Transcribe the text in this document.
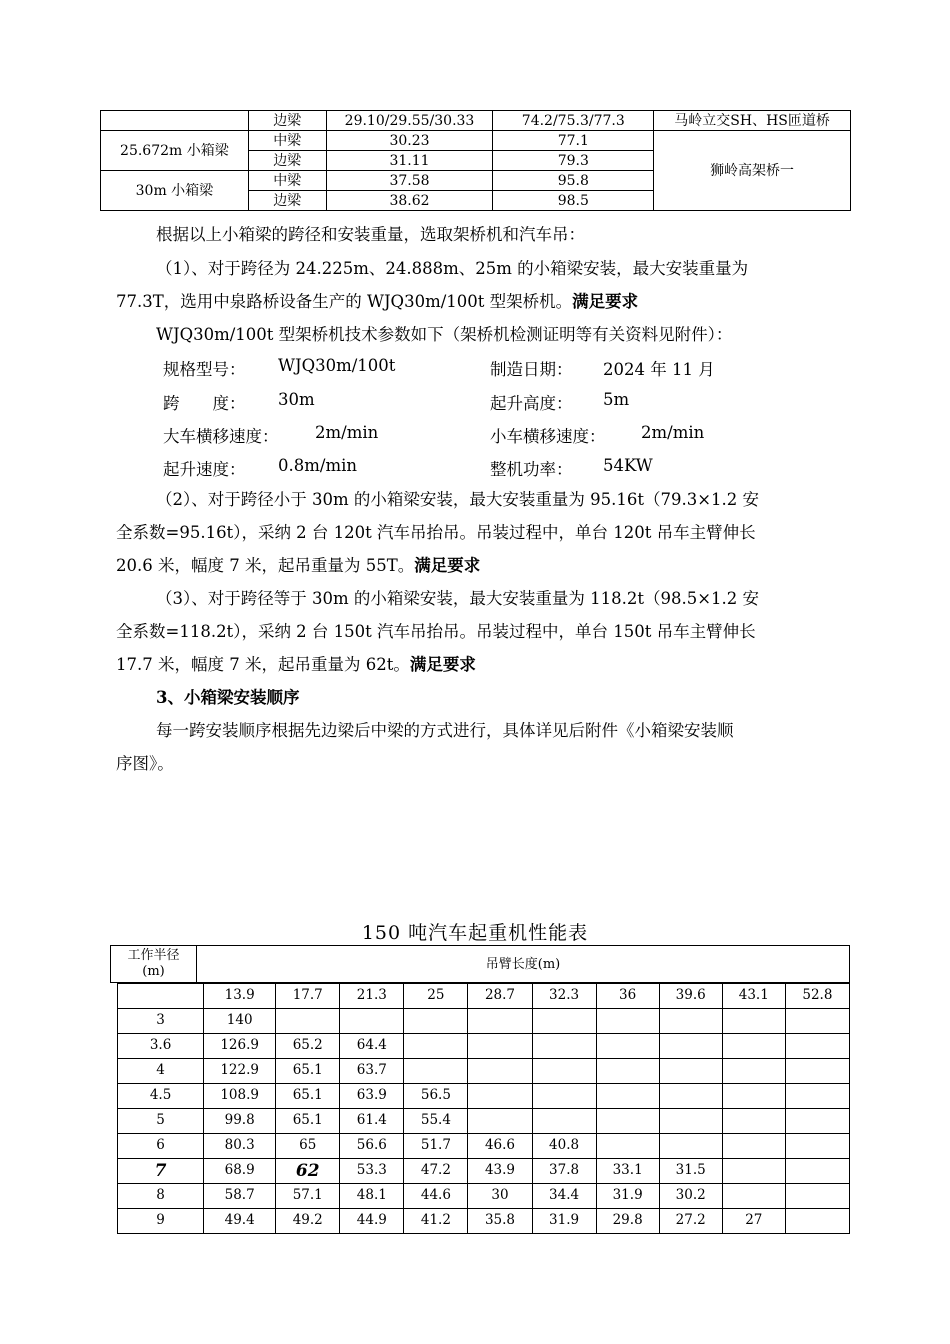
	边梁	29.10/29.55/30.33	74.2/75.3/77.3	马岭立交SH、HS匝道桥
25.672m 小箱梁	中梁	30.23	77.1	狮岭高架桥一
	边梁	31.11	79.3	
30m 小箱梁	中梁	37.58	95.8	
	边梁	38.62	98.5	

根据以上小箱梁的跨径和安装重量，选取架桥机和汽车吊：

（1）、对于跨径为 24.225m、24.888m、25m 的小箱梁安装，最大安装重量为
77.3T，选用中泉路桥设备生产的 WJQ30m/100t 型架桥机。满足要求

WJQ30m/100t 型架桥机技术参数如下（架桥机检测证明等有关资料见附件）：

规格型号： WJQ30m/100t	制造日期： 2024 年 11 月
跨　　度： 30m	起升高度： 5m
大车横移速度： 2m/min	小车横移速度： 2m/min
起升速度： 0.8m/min	整机功率： 54KW
（2）、对于跨径小于 30m 的小箱梁安装，最大安装重量为 95.16t（79.3×1.2 安
全系数=95.16t），采纳 2 台 120t 汽车吊抬吊。吊装过程中，单台 120t 吊车主臂伸长
20.6 米，幅度 7 米，起吊重量为 55T。满足要求
（3）、对于跨径等于 30m 的小箱梁安装，最大安装重量为 118.2t（98.5×1.2 安
全系数=118.2t），采纳 2 台 150t 汽车吊抬吊。吊装过程中，单台 150t 吊车主臂伸长
17.7 米，幅度 7 米，起吊重量为 62t。满足要求
3、小箱梁安装顺序
每一跨安装顺序根据先边梁后中梁的方式进行，具体详见后附件《小箱梁安装顺
序图》。
150 吨汽车起重机性能表
工作半径(m)	吊臂长度(m)
	13.9	17.7	21.3	25	28.7	32.3	36	39.6	43.1	52.8
3	140									
3.6	126.9	65.2	64.4							
4	122.9	65.1	63.7							
4.5	108.9	65.1	63.9	56.5						
5	99.8	65.1	61.4	55.4						
6	80.3	65	56.6	51.7	46.6	40.8				
7	68.9	62	53.3	47.2	43.9	37.8	33.1	31.5		
8	58.7	57.1	48.1	44.6	30	34.4	31.9	30.2		
9	49.4	49.2	44.9	41.2	35.8	31.9	29.8	27.2	27	
